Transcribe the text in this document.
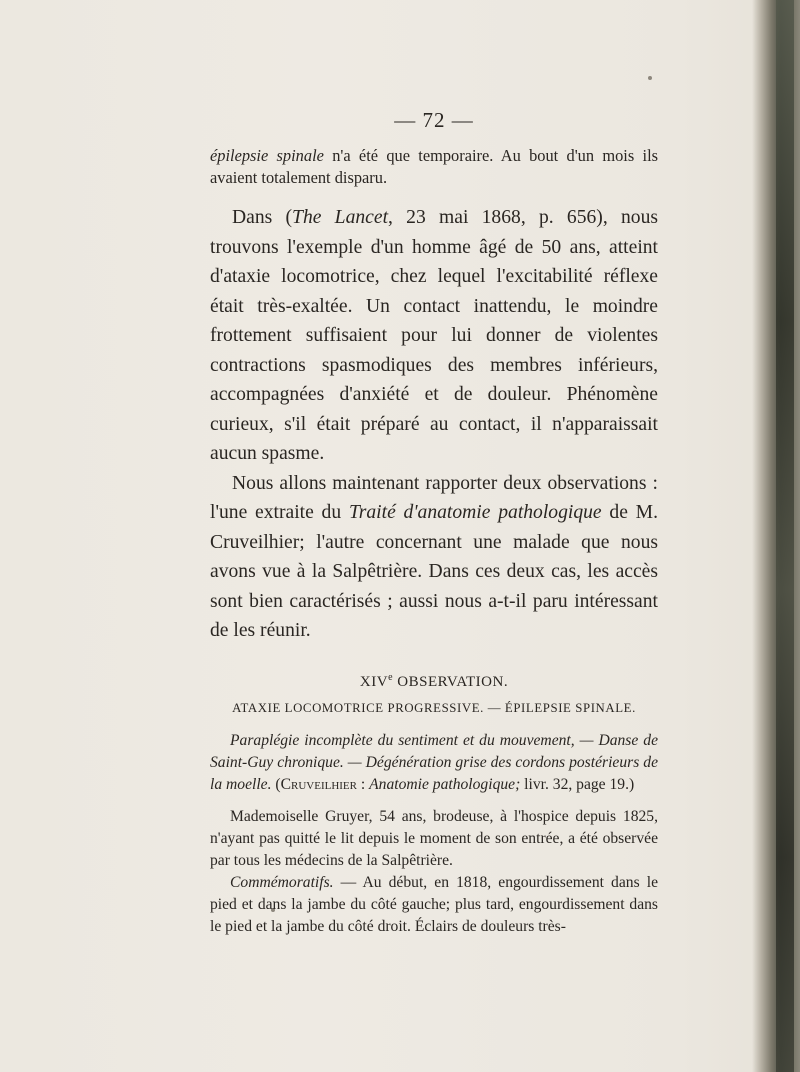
— 72 —

épilepsie spinale n'a été que temporaire. Au bout d'un mois ils avaient totalement disparu.

Dans (The Lancet, 23 mai 1868, p. 656), nous trouvons l'exemple d'un homme âgé de 50 ans, atteint d'ataxie locomotrice, chez lequel l'excitabilité réflexe était très-exaltée. Un contact inattendu, le moindre frottement suffisaient pour lui donner de violentes contractions spasmodiques des membres inférieurs, accompagnées d'anxiété et de douleur. Phénomène curieux, s'il était préparé au contact, il n'apparaissait aucun spasme.

Nous allons maintenant rapporter deux observations : l'une extraite du Traité d'anatomie pathologique de M. Cruveilhier; l'autre concernant une malade que nous avons vue à la Salpêtrière. Dans ces deux cas, les accès sont bien caractérisés ; aussi nous a-t-il paru intéressant de les réunir.

XIVe OBSERVATION.
ATAXIE LOCOMOTRICE PROGRESSIVE. — ÉPILEPSIE SPINALE.

Paraplégie incomplète du sentiment et du mouvement, — Danse de Saint-Guy chronique. — Dégénération grise des cordons postérieurs de la moelle. (Cruveilhier : Anatomie pathologique; livr. 32, page 19.)

Mademoiselle Gruyer, 54 ans, brodeuse, à l'hospice depuis 1825, n'ayant pas quitté le lit depuis le moment de son entrée, a été observée par tous les médecins de la Salpêtrière.

Commémoratifs. — Au début, en 1818, engourdissement dans le pied et dans la jambe du côté gauche; plus tard, engourdissement dans le pied et la jambe du côté droit. Éclairs de douleurs très-
